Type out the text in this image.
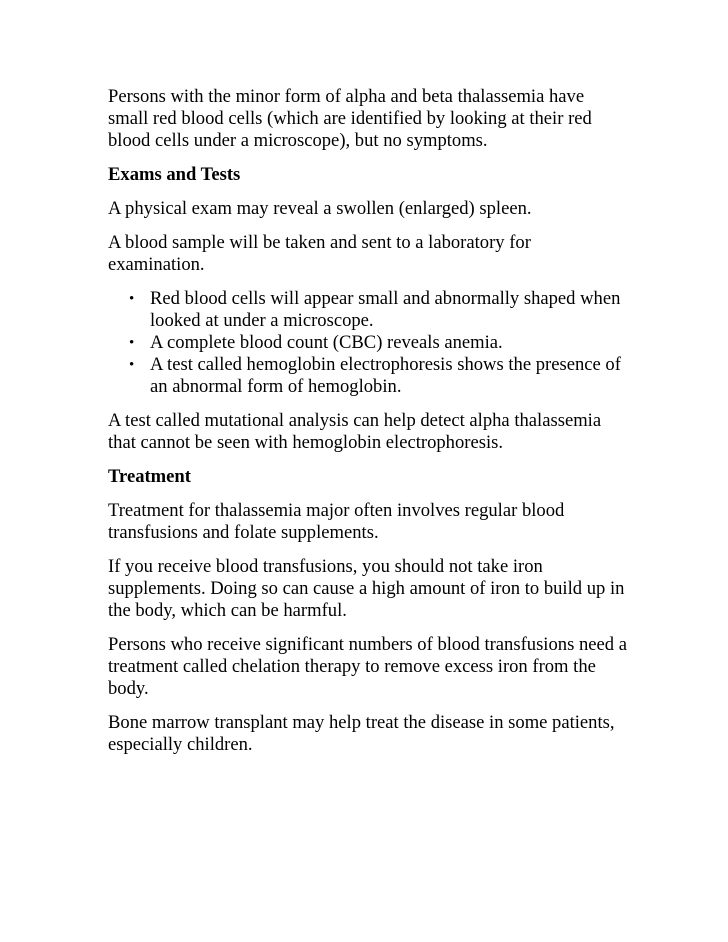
Persons with the minor form of alpha and beta thalassemia have small red blood cells (which are identified by looking at their red blood cells under a microscope), but no symptoms.

Exams and Tests

A physical exam may reveal a swollen (enlarged) spleen.

A blood sample will be taken and sent to a laboratory for examination.

• Red blood cells will appear small and abnormally shaped when looked at under a microscope.
• A complete blood count (CBC) reveals anemia.
• A test called hemoglobin electrophoresis shows the presence of an abnormal form of hemoglobin.

A test called mutational analysis can help detect alpha thalassemia that cannot be seen with hemoglobin electrophoresis.

Treatment

Treatment for thalassemia major often involves regular blood transfusions and folate supplements.

If you receive blood transfusions, you should not take iron supplements. Doing so can cause a high amount of iron to build up in the body, which can be harmful.

Persons who receive significant numbers of blood transfusions need a treatment called chelation therapy to remove excess iron from the body.

Bone marrow transplant may help treat the disease in some patients, especially children.
